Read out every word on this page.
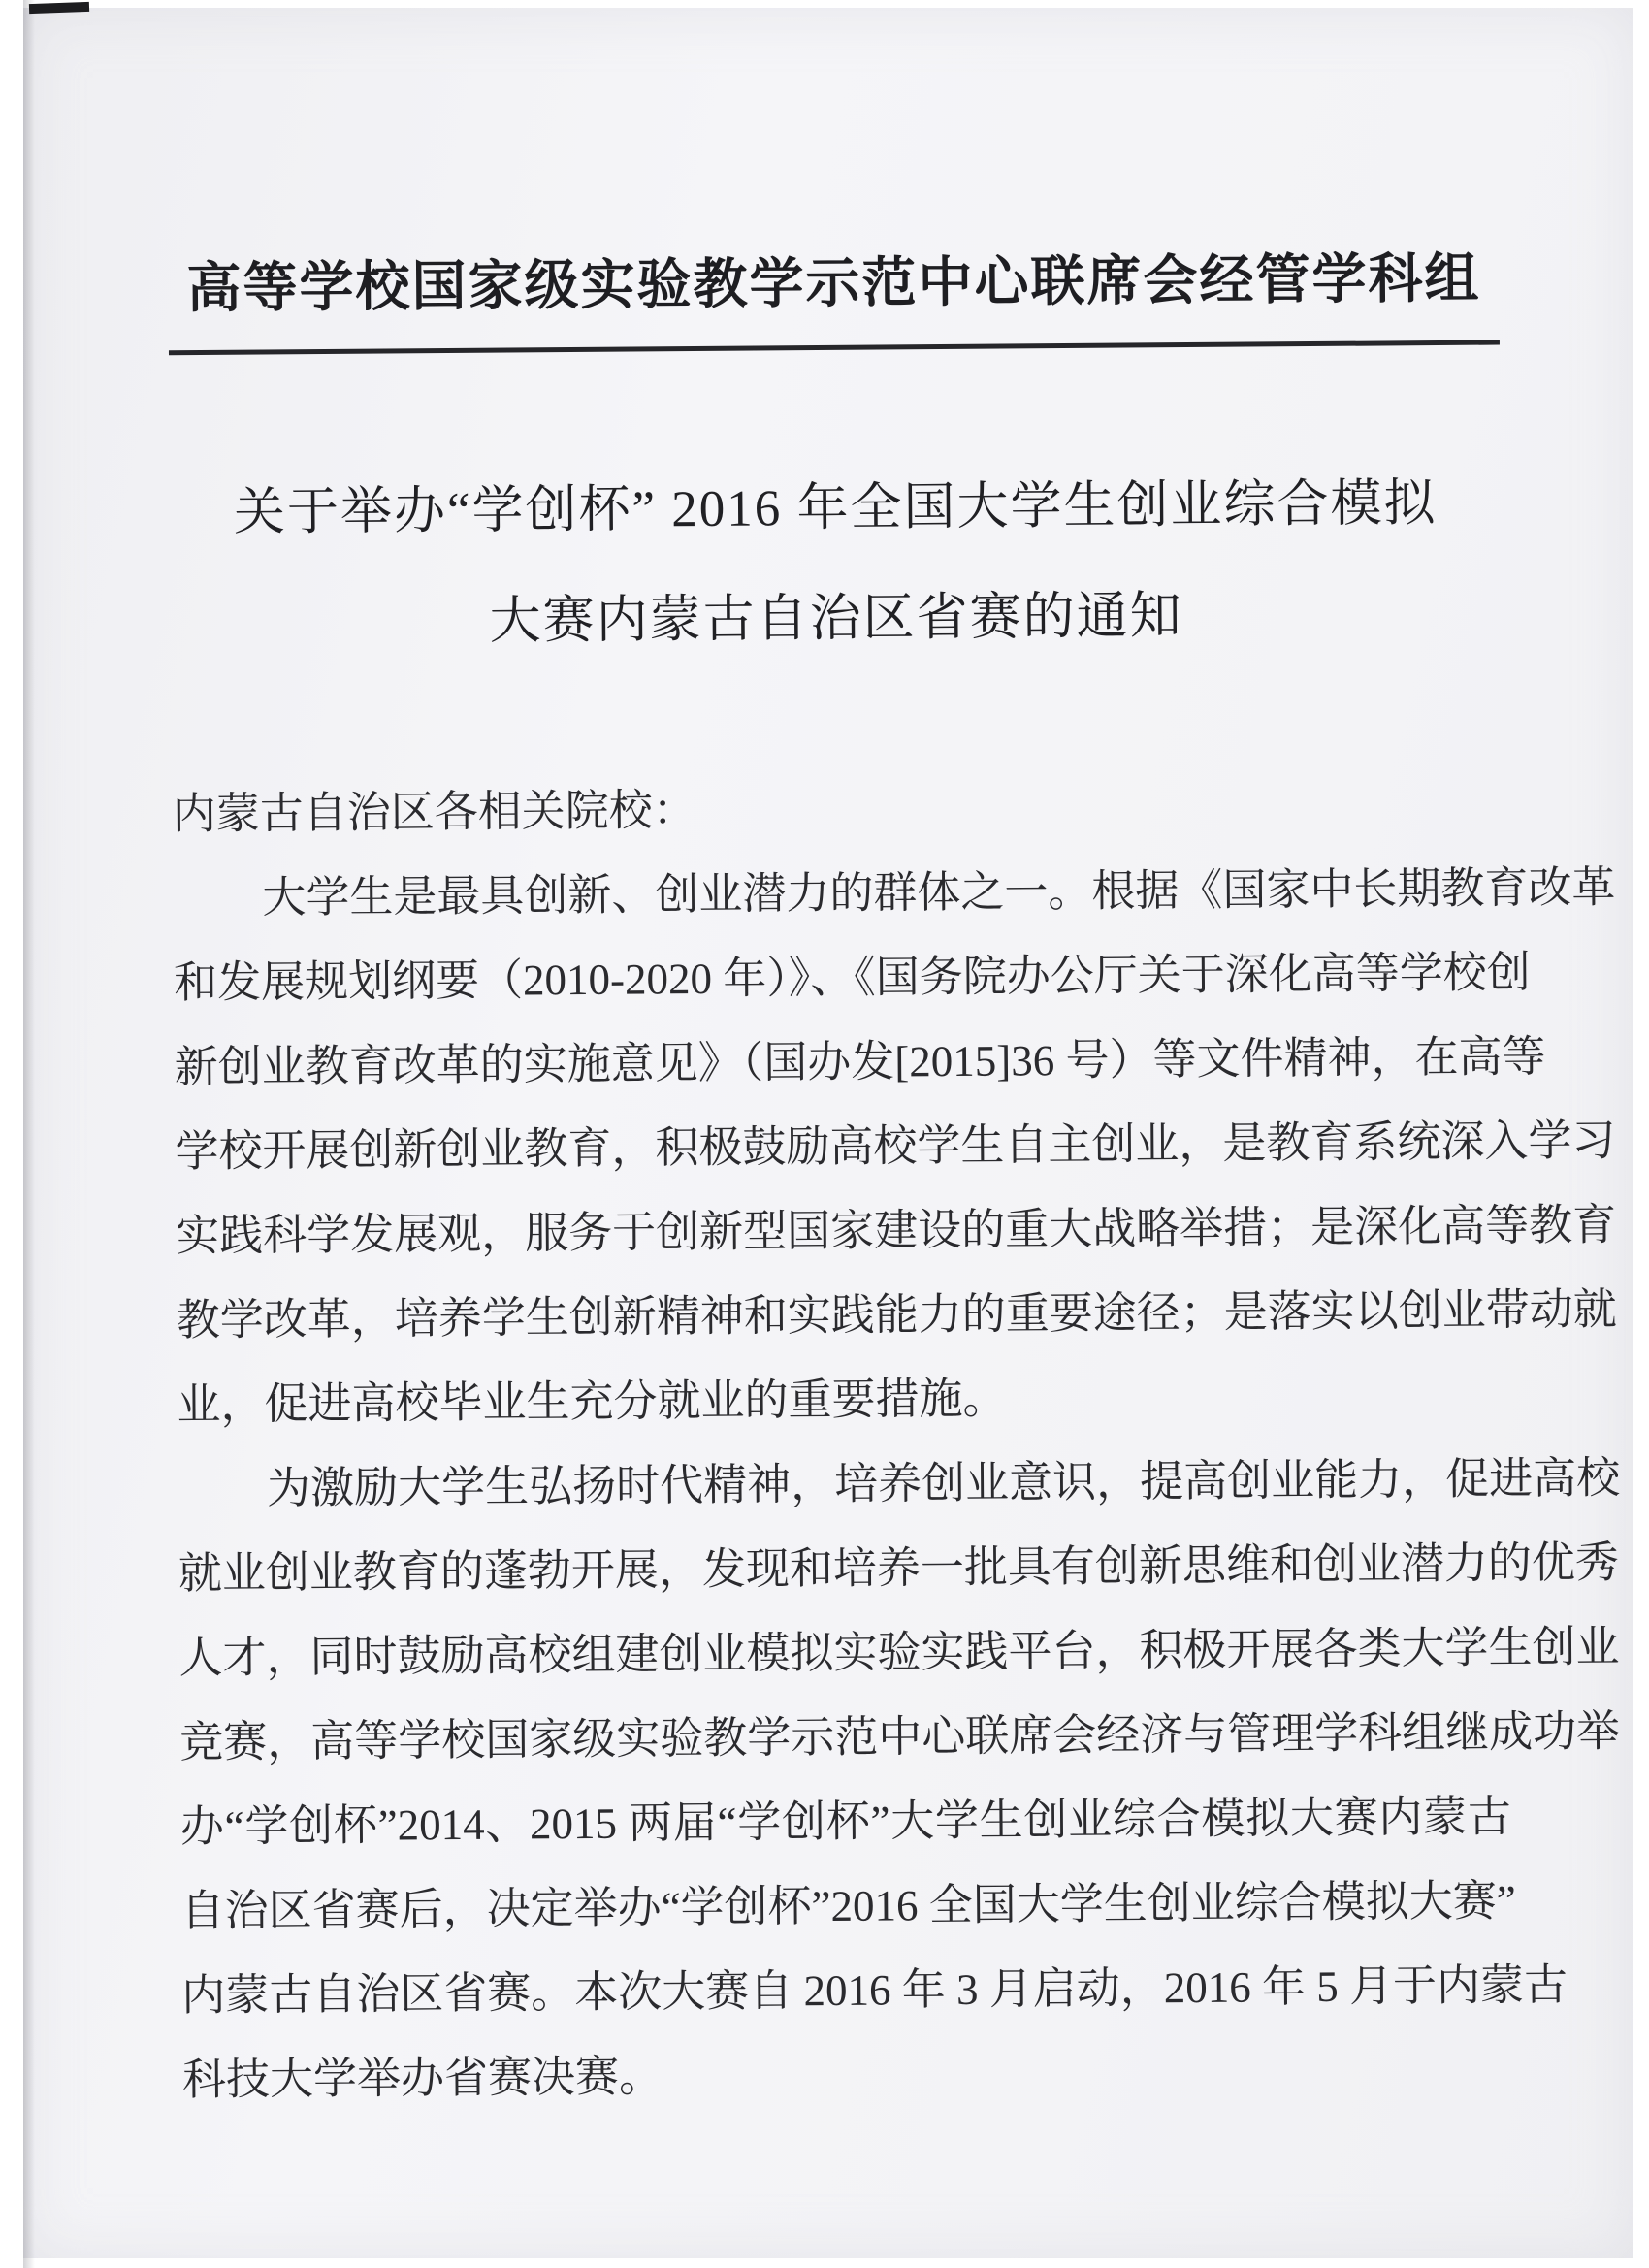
高等学校国家级实验教学示范中心联席会经管学科组
关于举办“学创杯” 2016 年全国大学生创业综合模拟
大赛内蒙古自治区省赛的通知
内蒙古自治区各相关院校：
大学生是最具创新、创业潜力的群体之一。根据《国家中长期教育改革
和发展规划纲要（2010-2020 年）》、《国务院办公厅关于深化高等学校创
新创业教育改革的实施意见》（国办发[2015]36 号）等文件精神，在高等
学校开展创新创业教育，积极鼓励高校学生自主创业，是教育系统深入学习
实践科学发展观，服务于创新型国家建设的重大战略举措；是深化高等教育
教学改革，培养学生创新精神和实践能力的重要途径；是落实以创业带动就
业，促进高校毕业生充分就业的重要措施。
为激励大学生弘扬时代精神，培养创业意识，提高创业能力，促进高校
就业创业教育的蓬勃开展，发现和培养一批具有创新思维和创业潜力的优秀
人才，同时鼓励高校组建创业模拟实验实践平台，积极开展各类大学生创业
竞赛，高等学校国家级实验教学示范中心联席会经济与管理学科组继成功举
办“学创杯”2014、2015 两届“学创杯”大学生创业综合模拟大赛内蒙古
自治区省赛后，决定举办“学创杯”2016 全国大学生创业综合模拟大赛”
内蒙古自治区省赛。本次大赛自 2016 年 3 月启动，2016 年 5 月于内蒙古
科技大学举办省赛决赛。
